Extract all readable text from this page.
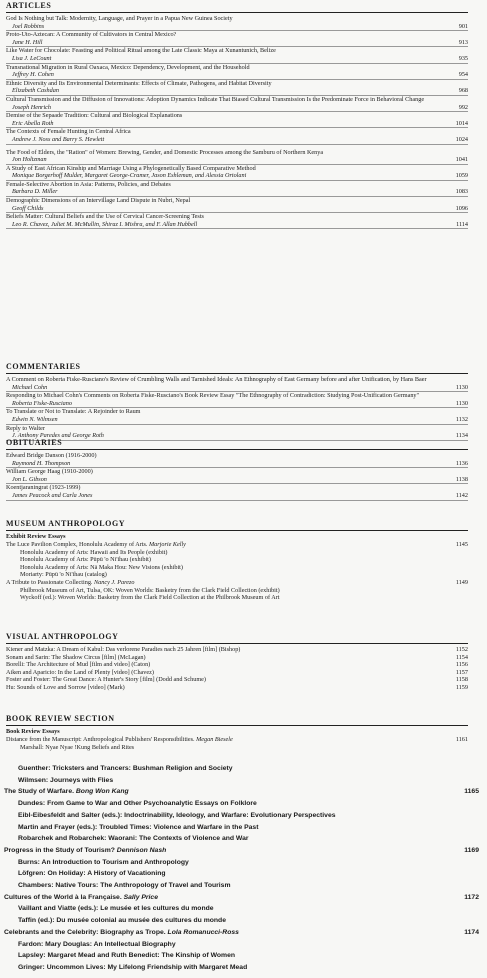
ARTICLES
God Is Nothing but Talk: Modernity, Language, and Prayer in a Papua New Guinea Society
Joel Robbins	901
Proto-Uto-Aztecan: A Community of Cultivators in Central Mexico?
Jane H. Hill	913
Like Water for Chocolate: Feasting and Political Ritual among the Late Classic Maya at Xunantunich, Belize
Lisa J. LeCount	935
Transnational Migration in Rural Oaxaca, Mexico: Dependency, Development, and the Household
Jeffrey H. Cohen	954
Ethnic Diversity and Its Environmental Determinants: Effects of Climate, Pathogens, and Habitat Diversity
Elizabeth Cashdan	968
Cultural Transmission and the Diffusion of Innovations: Adoption Dynamics Indicate That Biased Cultural Transmission Is the Predominate Force in Behavioral Change
Joseph Henrich	992
Demise of the Sepaade Tradition: Cultural and Biological Explanations
Eric Abella Roth	1014
The Contexts of Female Hunting in Central Africa
Andrew J. Noss and Barry S. Hewlett	1024
The Food of Elders, the "Ration" of Women: Brewing, Gender, and Domestic Processes among the Samburu of Northern Kenya
Jon Holtzman	1041
A Study of East African Kinship and Marriage Using a Phylogenetically Based Comparative Method
Monique Borgerhoff Mulder, Margaret George-Cramer, Jason Eshleman, and Alessia Ortolani	1059
Female-Selective Abortion in Asia: Patterns, Policies, and Debates
Barbara D. Miller	1083
Demographic Dimensions of an Intervillage Land Dispute in Nubri, Nepal
Geoff Childs	1096
Beliefs Matter: Cultural Beliefs and the Use of Cervical Cancer-Screening Tests
Leo R. Chavez, Juliet M. McMullin, Shiraz I. Mishra, and F. Allan Hubbell	1114
COMMENTARIES
A Comment on Roberta Fiske-Rusciano's Review of Crumbling Walls and Tarnished Ideals: An Ethnography of East Germany before and after Unification, by Hans Baer
Michael Cohn	1130
Responding to Michael Cohn's Comments on Roberta Fiske-Rusciano's Book Review Essay "The Ethnography of Contradiction: Studying Post-Unification Germany"
Roberta Fiske-Rusciano	1130
To Translate or Not to Translate: A Rejoinder to Raum
Edwin N. Wilmsen	1132
Reply to Walter
J. Anthony Paredes and George Roth	1134
OBITUARIES
Edward Bridge Danson (1916-2000)
Raymond H. Thompson	1136
William George Haag (1910-2000)
Jon L. Gibson	1138
Koentjaraningrat (1923-1999)
James Peacock and Carla Jones	1142
MUSEUM ANTHROPOLOGY
Exhibit Review Essays
The Luce Pavilion Complex, Honolulu Academy of Arts. Marjorie Kelly	1145
Honolulu Academy of Arts: Hawaii and Its People (exhibit)
Honolulu Academy of Arts: Pūpū 'o Ni'ihau (exhibit)
Honolulu Academy of Arts: Nā Maka Hou: New Visions (exhibit)
Moriarty: Pūpū 'o Ni'ihau (catalog)
A Tribute to Passionate Collecting. Nancy J. Parezo	1149
Philbrook Museum of Art, Tulsa, OK: Woven Worlds: Basketry from the Clark Field Collection (exhibit)
Wyckoff (ed.): Woven Worlds: Basketry from the Clark Field Collection at the Philbrook Museum of Art
VISUAL ANTHROPOLOGY
Kiener and Matzka: A Dream of Kabul: Das verlorene Paradies nach 25 Jahren [film] (Bishop)	1152
Sonam and Sarin: The Shadow Circus [film] (McLagan)	1154
Borelli: The Architecture of Mud [film and video] (Caton)	1156
Aiken and Aparicio: In the Land of Plenty [video] (Chavez)	1157
Foster and Foster: The Great Dance: A Hunter's Story [film] (Dodd and Schume)	1158
Hu: Sounds of Love and Sorrow [video] (Mark)	1159
BOOK REVIEW SECTION
Book Review Essays
Distance from the Manuscript: Anthropological Publishers' Responsibilities. Megan Biesele	1161
Marshall: Nyae Nyae !Kung Beliefs and Rites
Guenther: Tricksters and Trancers: Bushman Religion and Society
Wilmsen: Journeys with Flies
The Study of Warfare. Bong Won Kang	1165
Dundes: From Game to War and Other Psychoanalytic Essays on Folklore
Eibl-Eibesfeldt and Salter (eds.): Indoctrinability, Ideology, and Warfare: Evolutionary Perspectives
Martin and Frayer (eds.): Troubled Times: Violence and Warfare in the Past
Robarchek and Robarchek: Waorani: The Contexts of Violence and War
Progress in the Study of Tourism? Dennison Nash	1169
Burns: An Introduction to Tourism and Anthropology
Löfgren: On Holiday: A History of Vacationing
Chambers: Native Tours: The Anthropology of Travel and Tourism
Cultures of the World à la Française. Sally Price	1172
Vaillant and Viatte (eds.): Le musée et les cultures du monde
Taffin (ed.): Du musée colonial au musée des cultures du monde
Celebrants and the Celebrity: Biography as Trope. Lola Romanucci-Ross	1174
Fardon: Mary Douglas: An Intellectual Biography
Lapsley: Margaret Mead and Ruth Benedict: The Kinship of Women
Gringer: Uncommon Lives: My Lifelong Friendship with Margaret Mead
